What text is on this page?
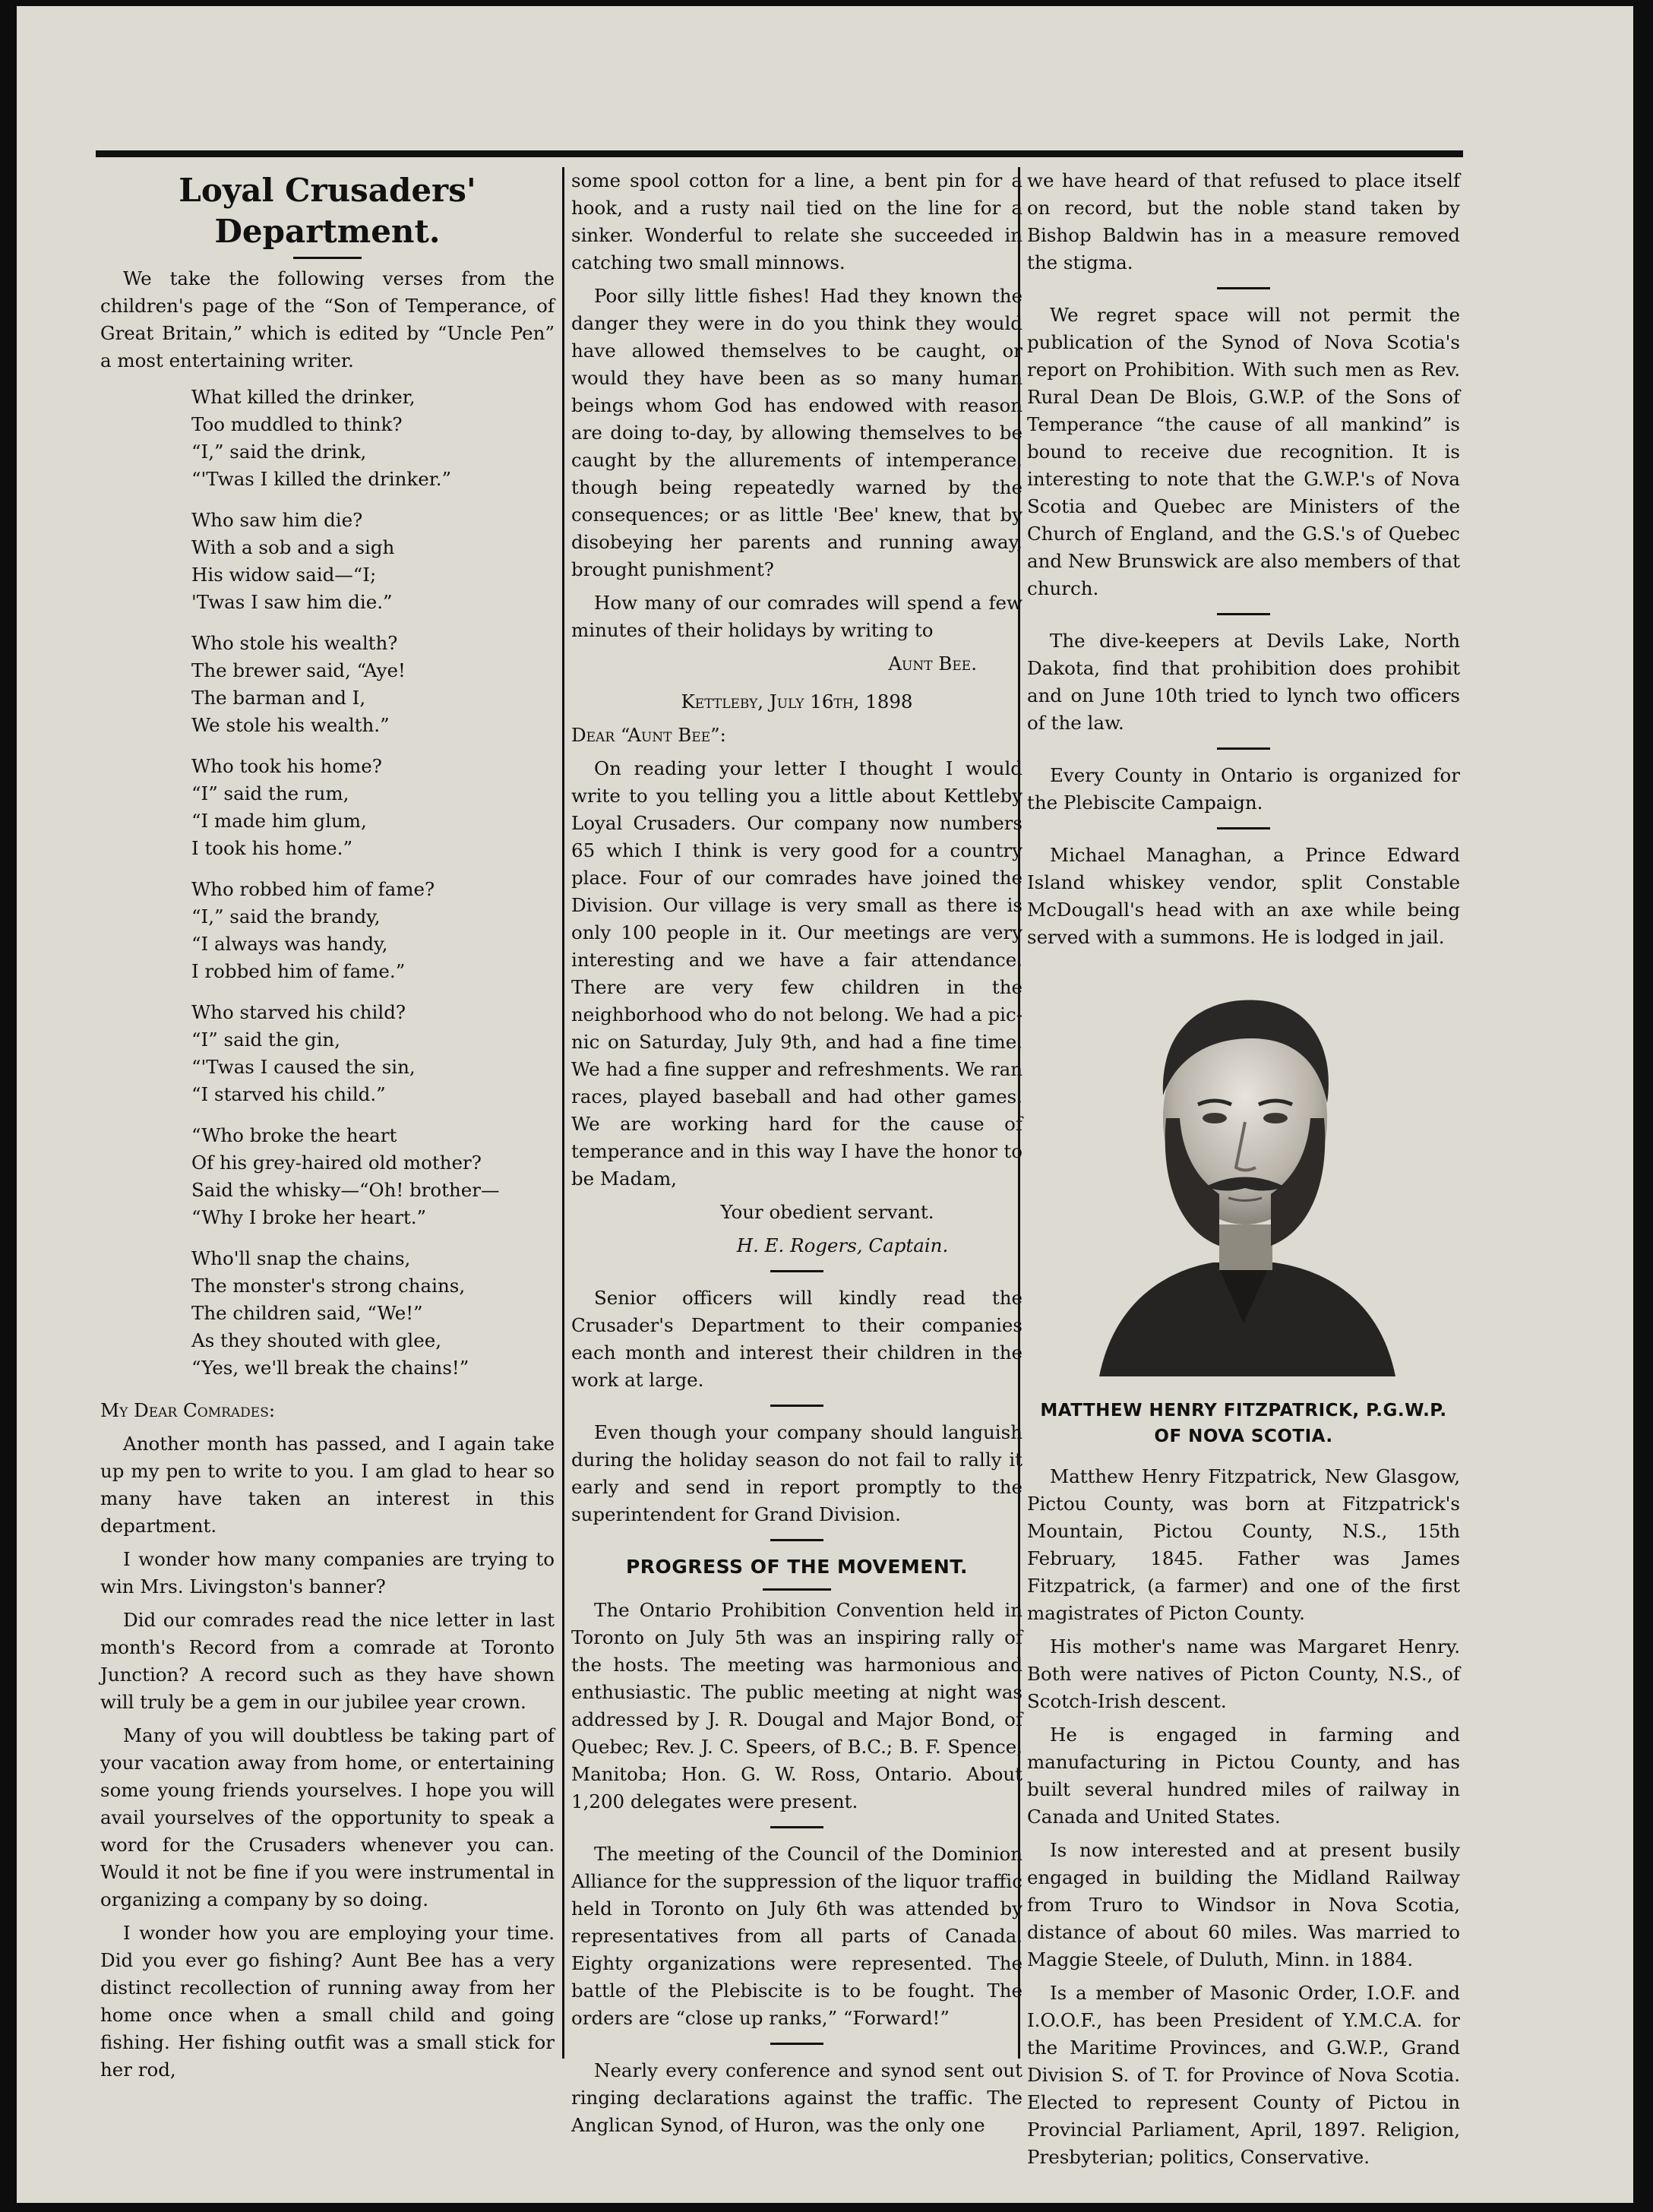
Loyal Crusaders' Department.

We take the following verses from the children's page of the “Son of Temperance, of Great Britain,” which is edited by “Uncle Pen” a most entertaining writer.

What killed the drinker,
Too muddled to think?
“I,” said the drink,
“'Twas I killed the drinker.”
Who saw him die?
With a sob and a sigh
His widow said—“I;
'Twas I saw him die.”
Who stole his wealth?
The brewer said, “Aye!
The barman and I,
We stole his wealth.”
Who took his home?
“I” said the rum,
“I made him glum,
I took his home.”
Who robbed him of fame?
“I,” said the brandy,
“I always was handy,
I robbed him of fame.”
Who starved his child?
“I” said the gin,
“'Twas I caused the sin,
“I starved his child.”
“Who broke the heart
Of his grey-haired old mother?
Said the whisky—“Oh! brother—
“Why I broke her heart.”
Who'll snap the chains,
The monster's strong chains,
The children said, “We!”
As they shouted with glee,
“Yes, we'll break the chains!”

My Dear Comrades:

Another month has passed, and I again take up my pen to write to you. I am glad to hear so many have taken an interest in this department.

I wonder how many companies are trying to win Mrs. Livingston's banner?

Did our comrades read the nice letter in last month's Record from a comrade at Toronto Junction? A record such as they have shown will truly be a gem in our jubilee year crown.

Many of you will doubtless be taking part of your vacation away from home, or entertaining some young friends yourselves. I hope you will avail yourselves of the opportunity to speak a word for the Crusaders whenever you can. Would it not be fine if you were instrumental in organizing a company by so doing.

I wonder how you are employing your time. Did you ever go fishing? Aunt Bee has a very distinct recollection of running away from her home once when a small child and going fishing. Her fishing outfit was a small stick for her rod,

some spool cotton for a line, a bent pin for a hook, and a rusty nail tied on the line for a sinker. Wonderful to relate she succeeded in catching two small minnows.

Poor silly little fishes! Had they known the danger they were in do you think they would have allowed themselves to be caught, or would they have been as so many human beings whom God has endowed with reason are doing to-day, by allowing themselves to be caught by the allurements of intemperance, though being repeatedly warned by the consequences; or as little 'Bee' knew, that by disobeying her parents and running away, brought punishment?

How many of our comrades will spend a few minutes of their holidays by writing to

Aunt Bee.

Kettleby, July 16th, 1898

Dear “Aunt Bee”:

On reading your letter I thought I would write to you telling you a little about Kettleby Loyal Crusaders. Our company now numbers 65 which I think is very good for a country place. Four of our comrades have joined the Division. Our village is very small as there is only 100 people in it. Our meetings are very interesting and we have a fair attendance. There are very few children in the neighborhood who do not belong. We had a pic-nic on Saturday, July 9th, and had a fine time. We had a fine supper and refreshments. We ran races, played baseball and had other games. We are working hard for the cause of temperance and in this way I have the honor to be Madam,

Your obedient servant.

H. E. Rogers, Captain.

Senior officers will kindly read the Crusader's Department to their companies each month and interest their children in the work at large.

Even though your company should languish during the holiday season do not fail to rally it early and send in report promptly to the superintendent for Grand Division.

PROGRESS OF THE MOVEMENT.

The Ontario Prohibition Convention held in Toronto on July 5th was an inspiring rally of the hosts. The meeting was harmonious and enthusiastic. The public meeting at night was addressed by J. R. Dougal and Major Bond, of Quebec; Rev. J. C. Speers, of B.C.; B. F. Spence, Manitoba; Hon. G. W. Ross, Ontario. About 1,200 delegates were present.

The meeting of the Council of the Dominion Alliance for the suppression of the liquor traffic held in Toronto on July 6th was attended by representatives from all parts of Canada. Eighty organizations were represented. The battle of the Plebiscite is to be fought. The orders are “close up ranks,” “Forward!”

Nearly every conference and synod sent out ringing declarations against the traffic. The Anglican Synod, of Huron, was the only one

we have heard of that refused to place itself on record, but the noble stand taken by Bishop Baldwin has in a measure removed the stigma.

We regret space will not permit the publication of the Synod of Nova Scotia's report on Prohibition. With such men as Rev. Rural Dean De Blois, G.W.P. of the Sons of Temperance “the cause of all mankind” is bound to receive due recognition. It is interesting to note that the G.W.P.'s of Nova Scotia and Quebec are Ministers of the Church of England, and the G.S.'s of Quebec and New Brunswick are also members of that church.

The dive-keepers at Devils Lake, North Dakota, find that prohibition does prohibit and on June 10th tried to lynch two officers of the law.

Every County in Ontario is organized for the Plebiscite Campaign.

Michael Managhan, a Prince Edward Island whiskey vendor, split Constable McDougall's head with an axe while being served with a summons. He is lodged in jail.

MATTHEW HENRY FITZPATRICK, P.G.W.P. OF NOVA SCOTIA.

Matthew Henry Fitzpatrick, New Glasgow, Pictou County, was born at Fitzpatrick's Mountain, Pictou County, N.S., 15th February, 1845. Father was James Fitzpatrick, (a farmer) and one of the first magistrates of Picton County.

His mother's name was Margaret Henry. Both were natives of Picton County, N.S., of Scotch-Irish descent.

He is engaged in farming and manufacturing in Pictou County, and has built several hundred miles of railway in Canada and United States.

Is now interested and at present busily engaged in building the Midland Railway from Truro to Windsor in Nova Scotia, distance of about 60 miles. Was married to Maggie Steele, of Duluth, Minn. in 1884.

Is a member of Masonic Order, I.O.F. and I.O.O.F., has been President of Y.M.C.A. for the Maritime Provinces, and G.W.P., Grand Division S. of T. for Province of Nova Scotia. Elected to represent County of Pictou in Provincial Parliament, April, 1897. Religion, Presbyterian; politics, Conservative.
